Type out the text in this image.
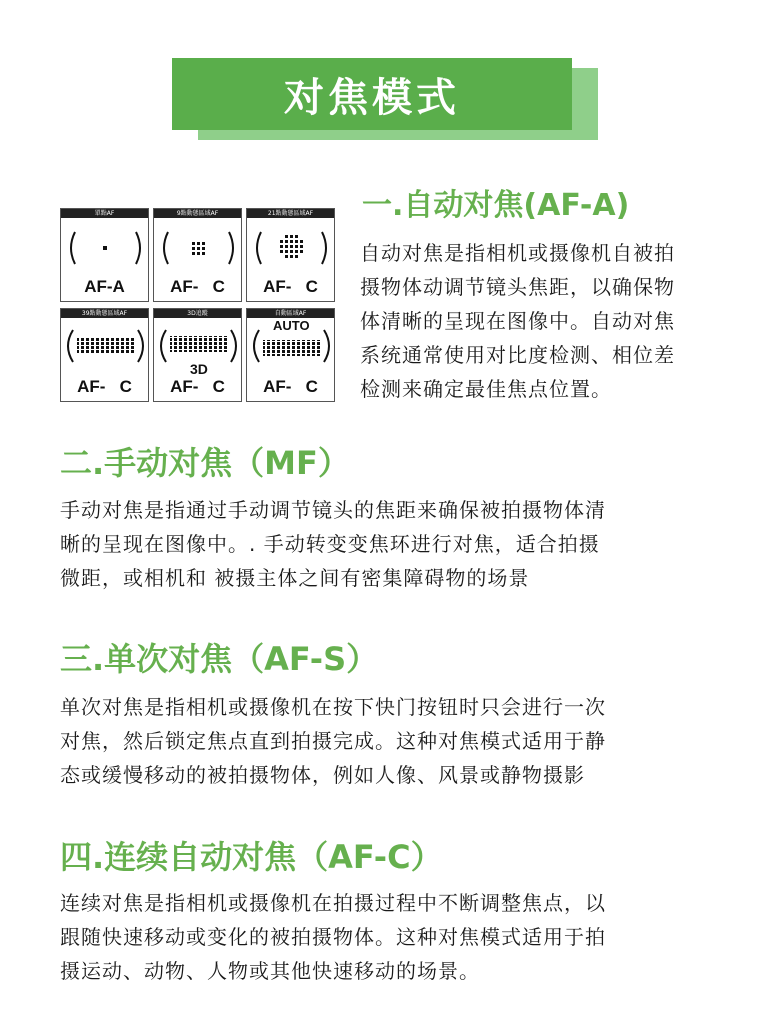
对焦模式
單點AF
AF-A
9點動態區域AF
AF-   C
21點動態區域AF
AF-   C
39點動態區域AF
AF-   C
3D追蹤
3D
AF-   C
自動區域AF
AUTO
AF-   C
一.自动对焦(AF-A)
自动对焦是指相机或摄像机自被拍
摄物体动调节镜头焦距，以确保物
体清晰的呈现在图像中。自动对焦
系统通常使用对比度检测、相位差
检测来确定最佳焦点位置。
二.手动对焦（MF）
手动对焦是指通过手动调节镜头的焦距来确保被拍摄物体清
晰的呈现在图像中。. 手动转变变焦环进行对焦，适合拍摄
微距，或相机和 被摄主体之间有密集障碍物的场景
三.单次对焦（AF-S）
单次对焦是指相机或摄像机在按下快门按钮时只会进行一次
对焦，然后锁定焦点直到拍摄完成。这种对焦模式适用于静
态或缓慢移动的被拍摄物体，例如人像、风景或静物摄影
四.连续自动对焦（AF-C）
连续对焦是指相机或摄像机在拍摄过程中不断调整焦点，以
跟随快速移动或变化的被拍摄物体。这种对焦模式适用于拍
摄运动、动物、人物或其他快速移动的场景。
